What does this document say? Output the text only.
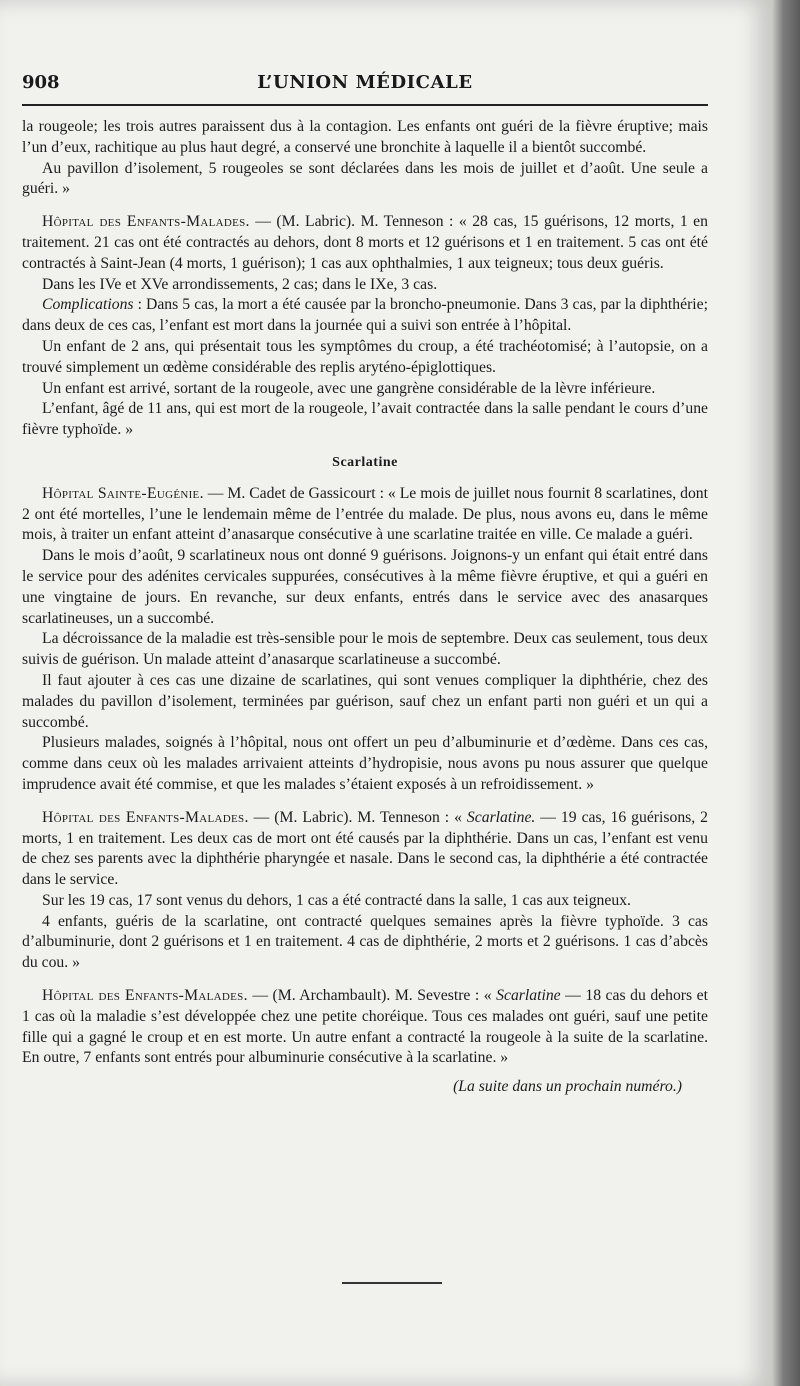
908	L’UNION MÉDICALE

la rougeole; les trois autres paraissent dus à la contagion. Les enfants ont guéri de la fièvre éruptive; mais l’un d’eux, rachitique au plus haut degré, a conservé une bronchite à laquelle il a bientôt succombé.

Au pavillon d’isolement, 5 rougeoles se sont déclarées dans les mois de juillet et d’août. Une seule a guéri. »

Hôpital des Enfants-Malades. — (M. Labric). M. Tenneson : « 28 cas, 15 guérisons, 12 morts, 1 en traitement. 21 cas ont été contractés au dehors, dont 8 morts et 12 guérisons et 1 en traitement. 5 cas ont été contractés à Saint-Jean (4 morts, 1 guérison); 1 cas aux ophthalmies, 1 aux teigneux; tous deux guéris.

Dans les IVe et XVe arrondissements, 2 cas; dans le IXe, 3 cas.

Complications : Dans 5 cas, la mort a été causée par la broncho-pneumonie. Dans 3 cas, par la diphthérie; dans deux de ces cas, l’enfant est mort dans la journée qui a suivi son entrée à l’hôpital.

Un enfant de 2 ans, qui présentait tous les symptômes du croup, a été trachéotomisé; à l’autopsie, on a trouvé simplement un œdème considérable des replis aryténo-épiglottiques.

Un enfant est arrivé, sortant de la rougeole, avec une gangrène considérable de la lèvre inférieure.

L’enfant, âgé de 11 ans, qui est mort de la rougeole, l’avait contractée dans la salle pendant le cours d’une fièvre typhoïde. »

Scarlatine

Hôpital Sainte-Eugénie. — M. Cadet de Gassicourt : « Le mois de juillet nous fournit 8 scarlatines, dont 2 ont été mortelles, l’une le lendemain même de l’entrée du malade. De plus, nous avons eu, dans le même mois, à traiter un enfant atteint d’anasarque consécutive à une scarlatine traitée en ville. Ce malade a guéri.

Dans le mois d’août, 9 scarlatineux nous ont donné 9 guérisons. Joignons-y un enfant qui était entré dans le service pour des adénites cervicales suppurées, consécutives à la même fièvre éruptive, et qui a guéri en une vingtaine de jours. En revanche, sur deux enfants, entrés dans le service avec des anasarques scarlatineuses, un a succombé.

La décroissance de la maladie est très-sensible pour le mois de septembre. Deux cas seulement, tous deux suivis de guérison. Un malade atteint d’anasarque scarlatineuse a succombé.

Il faut ajouter à ces cas une dizaine de scarlatines, qui sont venues compliquer la diphthérie, chez des malades du pavillon d’isolement, terminées par guérison, sauf chez un enfant parti non guéri et un qui a succombé.

Plusieurs malades, soignés à l’hôpital, nous ont offert un peu d’albuminurie et d’œdème. Dans ces cas, comme dans ceux où les malades arrivaient atteints d’hydropisie, nous avons pu nous assurer que quelque imprudence avait été commise, et que les malades s’étaient exposés à un refroidissement. »

Hôpital des Enfants-Malades. — (M. Labric). M. Tenneson : « Scarlatine. — 19 cas, 16 guérisons, 2 morts, 1 en traitement. Les deux cas de mort ont été causés par la diphthérie. Dans un cas, l’enfant est venu de chez ses parents avec la diphthérie pharyngée et nasale. Dans le second cas, la diphthérie a été contractée dans le service.

Sur les 19 cas, 17 sont venus du dehors, 1 cas a été contracté dans la salle, 1 cas aux teigneux.

4 enfants, guéris de la scarlatine, ont contracté quelques semaines après la fièvre typhoïde. 3 cas d’albuminurie, dont 2 guérisons et 1 en traitement. 4 cas de diphthérie, 2 morts et 2 guérisons. 1 cas d’abcès du cou. »

Hôpital des Enfants-Malades. — (M. Archambault). M. Sevestre : « Scarlatine — 18 cas du dehors et 1 cas où la maladie s’est développée chez une petite choréique. Tous ces malades ont guéri, sauf une petite fille qui a gagné le croup et en est morte. Un autre enfant a contracté la rougeole à la suite de la scarlatine. En outre, 7 enfants sont entrés pour albuminurie consécutive à la scarlatine. »

(La suite dans un prochain numéro.)
